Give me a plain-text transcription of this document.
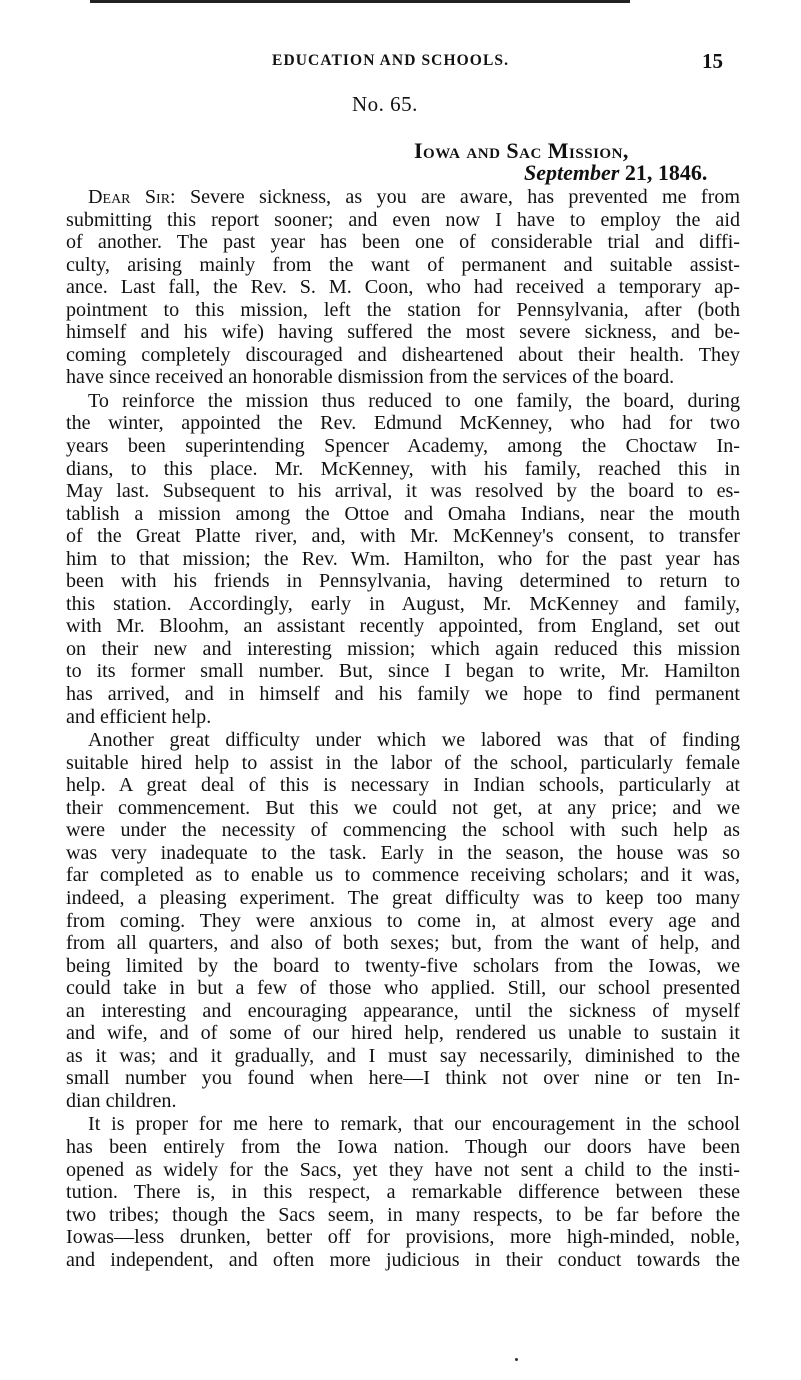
EDUCATION AND SCHOOLS.	15
No. 65.
Iowa and Sac Mission,
September 21, 1846.
Dear Sir: Severe sickness, as you are aware, has prevented me from
submitting this report sooner; and even now I have to employ the aid
of another. The past year has been one of considerable trial and diffi-
culty, arising mainly from the want of permanent and suitable assist-
ance. Last fall, the Rev. S. M. Coon, who had received a temporary ap-
pointment to this mission, left the station for Pennsylvania, after (both
himself and his wife) having suffered the most severe sickness, and be-
coming completely discouraged and disheartened about their health. They
have since received an honorable dismission from the services of the board.
To reinforce the mission thus reduced to one family, the board, during
the winter, appointed the Rev. Edmund McKenney, who had for two
years been superintending Spencer Academy, among the Choctaw In-
dians, to this place. Mr. McKenney, with his family, reached this in
May last. Subsequent to his arrival, it was resolved by the board to es-
tablish a mission among the Ottoe and Omaha Indians, near the mouth
of the Great Platte river, and, with Mr. McKenney's consent, to transfer
him to that mission; the Rev. Wm. Hamilton, who for the past year has
been with his friends in Pennsylvania, having determined to return to
this station. Accordingly, early in August, Mr. McKenney and family,
with Mr. Bloohm, an assistant recently appointed, from England, set out
on their new and interesting mission; which again reduced this mission
to its former small number. But, since I began to write, Mr. Hamilton
has arrived, and in himself and his family we hope to find permanent
and efficient help.
Another great difficulty under which we labored was that of finding
suitable hired help to assist in the labor of the school, particularly female
help. A great deal of this is necessary in Indian schools, particularly at
their commencement. But this we could not get, at any price; and we
were under the necessity of commencing the school with such help as
was very inadequate to the task. Early in the season, the house was so
far completed as to enable us to commence receiving scholars; and it was,
indeed, a pleasing experiment. The great difficulty was to keep too many
from coming. They were anxious to come in, at almost every age and
from all quarters, and also of both sexes; but, from the want of help, and
being limited by the board to twenty-five scholars from the Iowas, we
could take in but a few of those who applied. Still, our school presented
an interesting and encouraging appearance, until the sickness of myself
and wife, and of some of our hired help, rendered us unable to sustain it
as it was; and it gradually, and I must say necessarily, diminished to the
small number you found when here—I think not over nine or ten In-
dian children.
It is proper for me here to remark, that our encouragement in the school
has been entirely from the Iowa nation. Though our doors have been
opened as widely for the Sacs, yet they have not sent a child to the insti-
tution. There is, in this respect, a remarkable difference between these
two tribes; though the Sacs seem, in many respects, to be far before the
Iowas—less drunken, better off for provisions, more high-minded, noble,
and independent, and often more judicious in their conduct towards the
